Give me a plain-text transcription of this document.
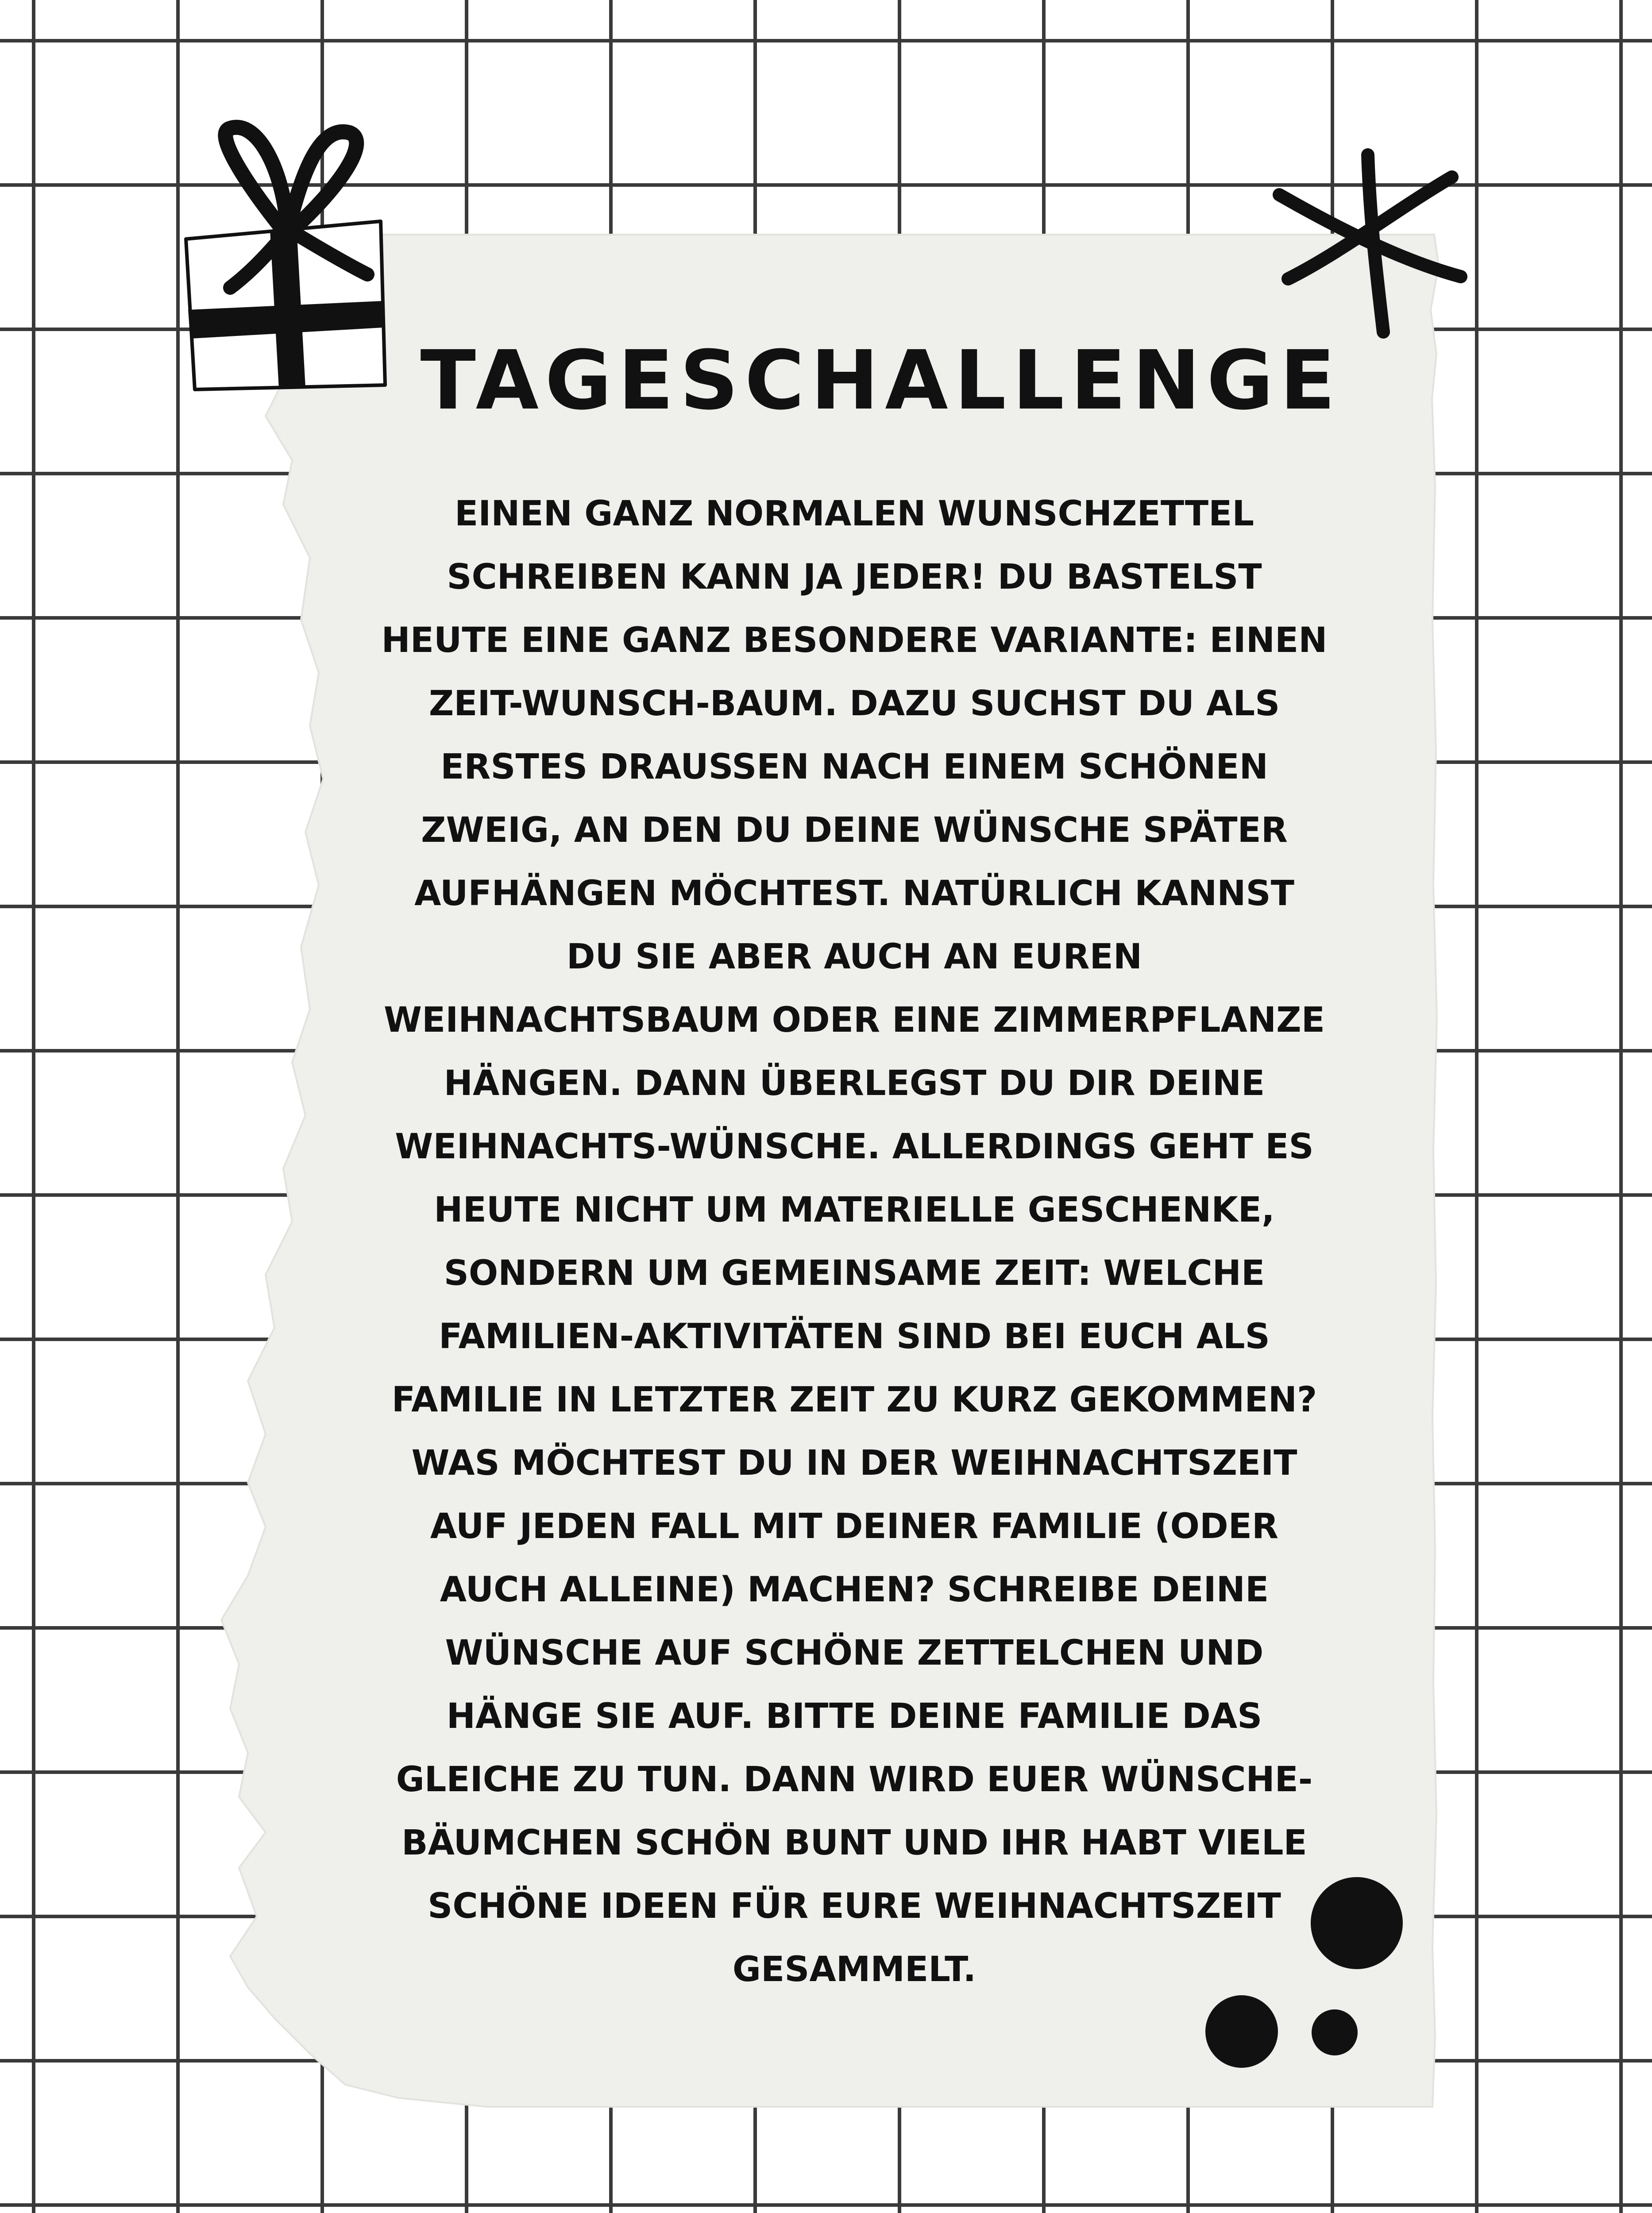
TAGESCHALLENGE
EINEN GANZ NORMALEN WUNSCHZETTEL
SCHREIBEN KANN JA JEDER! DU BASTELST
HEUTE EINE GANZ BESONDERE VARIANTE: EINEN
ZEIT-WUNSCH-BAUM. DAZU SUCHST DU ALS
ERSTES DRAUSSEN NACH EINEM SCHÖNEN
ZWEIG, AN DEN DU DEINE WÜNSCHE SPÄTER
AUFHÄNGEN MÖCHTEST. NATÜRLICH KANNST
DU SIE ABER AUCH AN EUREN
WEIHNACHTSBAUM ODER EINE ZIMMERPFLANZE
HÄNGEN. DANN ÜBERLEGST DU DIR DEINE
WEIHNACHTS-WÜNSCHE. ALLERDINGS GEHT ES
HEUTE NICHT UM MATERIELLE GESCHENKE,
SONDERN UM GEMEINSAME ZEIT: WELCHE
FAMILIEN-AKTIVITÄTEN SIND BEI EUCH ALS
FAMILIE IN LETZTER ZEIT ZU KURZ GEKOMMEN?
WAS MÖCHTEST DU IN DER WEIHNACHTSZEIT
AUF JEDEN FALL MIT DEINER FAMILIE (ODER
AUCH ALLEINE) MACHEN? SCHREIBE DEINE
WÜNSCHE AUF SCHÖNE ZETTELCHEN UND
HÄNGE SIE AUF. BITTE DEINE FAMILIE DAS
GLEICHE ZU TUN. DANN WIRD EUER WÜNSCHE-
BÄUMCHEN SCHÖN BUNT UND IHR HABT VIELE
SCHÖNE IDEEN FÜR EURE WEIHNACHTSZEIT
GESAMMELT.
